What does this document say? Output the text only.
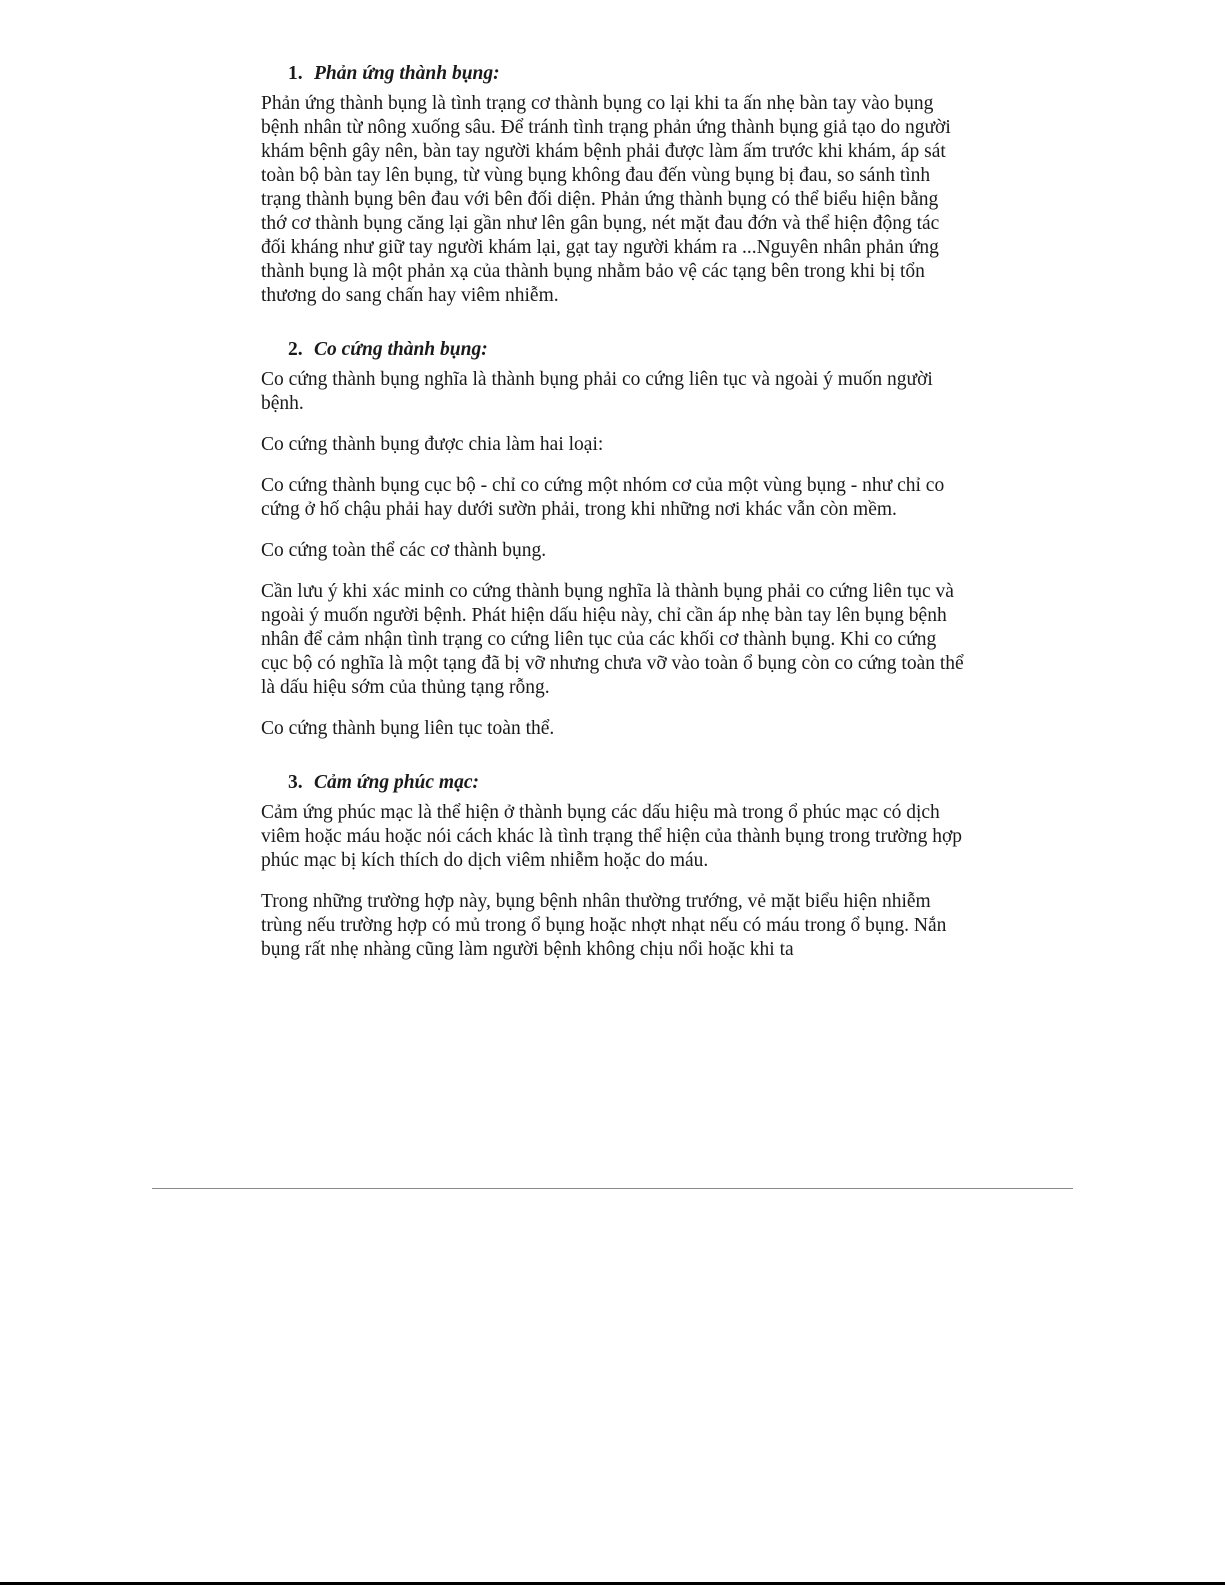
1. Phản ứng thành bụng:

Phản ứng thành bụng là tình trạng cơ thành bụng co lại khi ta ấn nhẹ bàn tay vào bụng bệnh nhân từ nông xuống sâu. Để tránh tình trạng phản ứng thành bụng giả tạo do người khám bệnh gây nên, bàn tay người khám bệnh phải được làm ấm trước khi khám, áp sát toàn bộ bàn tay lên bụng, từ vùng bụng không đau đến vùng bụng bị đau, so sánh tình trạng thành bụng bên đau với bên đối diện. Phản ứng thành bụng có thể biểu hiện bằng thớ cơ thành bụng căng lại gần như lên gân bụng, nét mặt đau đớn và thể hiện động tác đối kháng như giữ tay người khám lại, gạt tay người khám ra ...Nguyên nhân phản ứng thành bụng là một phản xạ của thành bụng nhằm bảo vệ các tạng bên trong khi bị tổn thương do sang chấn hay viêm nhiễm.

2. Co cứng thành bụng:

Co cứng thành bụng nghĩa là thành bụng phải co cứng liên tục và ngoài ý muốn người bệnh.

Co cứng thành bụng được chia làm hai loại:

Co cứng thành bụng cục bộ - chỉ co cứng một nhóm cơ của một vùng bụng - như chỉ co cứng ở hố chậu phải hay dưới sườn phải, trong khi những nơi khác vẫn còn mềm.

Co cứng toàn thể các cơ thành bụng.

Cần lưu ý khi xác minh co cứng thành bụng nghĩa là thành bụng phải co cứng liên tục và ngoài ý muốn người bệnh. Phát hiện dấu hiệu này, chỉ cần áp nhẹ bàn tay lên bụng bệnh nhân để cảm nhận tình trạng co cứng liên tục của các khối cơ thành bụng. Khi co cứng cục bộ có nghĩa là một tạng đã bị vỡ nhưng chưa vỡ vào toàn ổ bụng còn co cứng toàn thể là dấu hiệu sớm của thủng tạng rỗng.

Co cứng thành bụng liên tục toàn thể.

3. Cảm ứng phúc mạc:

Cảm ứng phúc mạc là thể hiện ở thành bụng các dấu hiệu mà trong ổ phúc mạc có dịch viêm hoặc máu hoặc nói cách khác là tình trạng thể hiện của thành bụng trong trường hợp phúc mạc bị kích thích do dịch viêm nhiễm hoặc do máu.

Trong những trường hợp này, bụng bệnh nhân thường trướng, vẻ mặt biểu hiện nhiễm trùng nếu trường hợp có mủ trong ổ bụng hoặc nhợt nhạt nếu có máu trong ổ bụng. Nắn bụng rất nhẹ nhàng cũng làm người bệnh không chịu nổi hoặc khi ta
